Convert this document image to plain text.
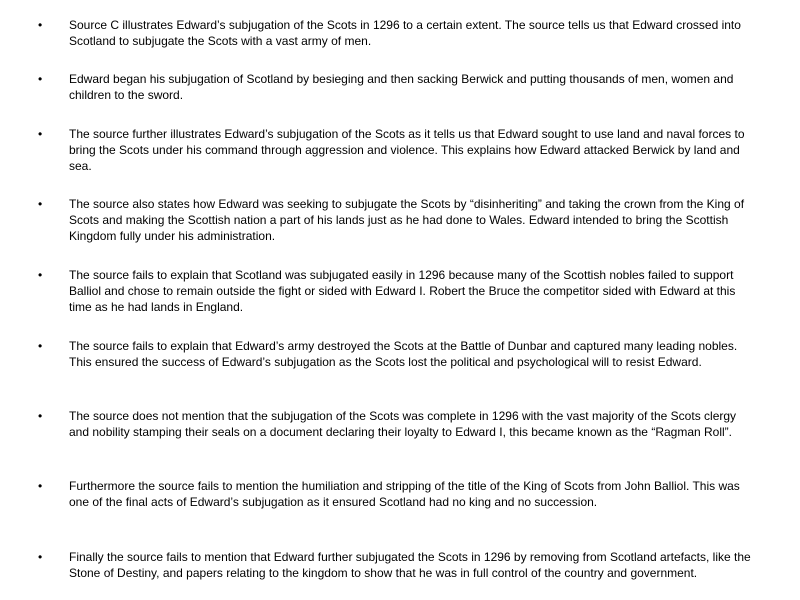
• Source C illustrates Edward’s subjugation of the Scots in 1296 to a certain extent. The source tells us that Edward crossed into Scotland to subjugate the Scots with a vast army of men.
• Edward began his subjugation of Scotland by besieging and then sacking Berwick and putting thousands of men, women and children to the sword.
• The source further illustrates Edward’s subjugation of the Scots as it tells us that Edward sought to use land and naval forces to bring the Scots under his command through aggression and violence. This explains how Edward attacked Berwick by land and sea.
• The source also states how Edward was seeking to subjugate the Scots by “disinheriting” and taking the crown from the King of Scots and making the Scottish nation a part of his lands just as he had done to Wales. Edward intended to bring the Scottish Kingdom fully under his administration.
• The source fails to explain that Scotland was subjugated easily in 1296 because many of the Scottish nobles failed to support Balliol and chose to remain outside the fight or sided with Edward I. Robert the Bruce the competitor sided with Edward at this time as he had lands in England.
• The source fails to explain that Edward’s army destroyed the Scots at the Battle of Dunbar and captured many leading nobles. This ensured the success of Edward’s subjugation as the Scots lost the political and psychological will to resist Edward.
• The source does not mention that the subjugation of the Scots was complete in 1296 with the vast majority of the Scots clergy and nobility stamping their seals on a document declaring their loyalty to Edward I, this became known as the “Ragman Roll”.
• Furthermore the source fails to mention the humiliation and stripping of the title of the King of Scots from John Balliol. This was one of the final acts of Edward’s subjugation as it ensured Scotland had no king and no succession.
• Finally the source fails to mention that Edward further subjugated the Scots in 1296 by removing from Scotland artefacts, like the Stone of Destiny, and papers relating to the kingdom to show that he was in full control of the country and government.
